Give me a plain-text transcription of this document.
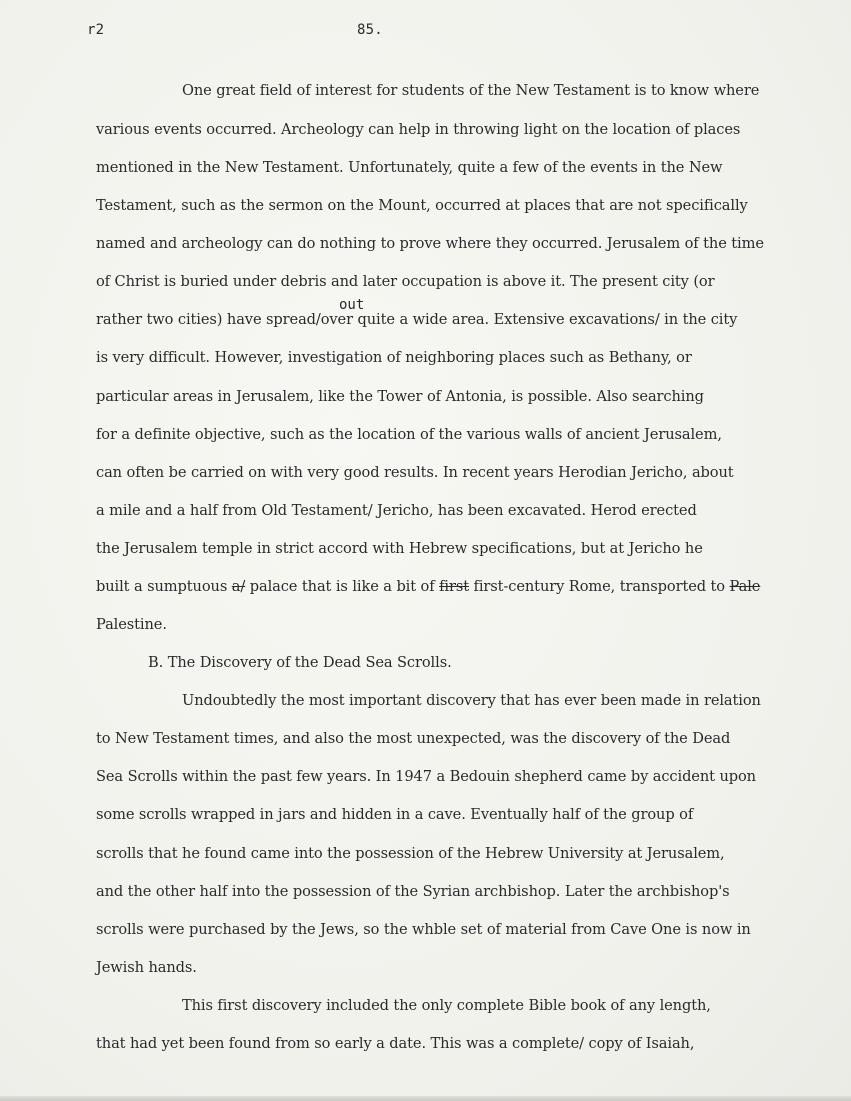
r2	85.
One great field of interest for students of the New Testament is to know where
various events occurred. Archeology can help in throwing light on the location of places
mentioned in the New Testament. Unfortunately, quite a few of the events in the New
Testament, such as the sermon on the Mount, occurred at places that are not specifically
named and archeology can do nothing to prove where they occurred. Jerusalem of the time
of Christ is buried under debris and later occupation is above it. The present city (or
out
rather two cities) have spread/over quite a wide area. Extensive excavations/ in the city
is very difficult. However, investigation of neighboring places such as Bethany, or
particular areas in Jerusalem, like the Tower of Antonia, is possible. Also searching
for a definite objective, such as the location of the various walls of ancient Jerusalem,
can often be carried on with very good results. In recent years Herodian Jericho, about
a mile and a half from Old Testament/ Jericho, has been excavated. Herod erected
the Jerusalem temple in strict accord with Hebrew specifications, but at Jericho he
built a sumptuous a/ palace that is like a bit of first first-century Rome, transported to Pale
Palestine.
B. The Discovery of the Dead Sea Scrolls.
Undoubtedly the most important discovery that has ever been made in relation
to New Testament times, and also the most unexpected, was the discovery of the Dead
Sea Scrolls within the past few years. In 1947 a Bedouin shepherd came by accident upon
some scrolls wrapped in jars and hidden in a cave. Eventually half of the group of
scrolls that he found came into the possession of the Hebrew University at Jerusalem,
and the other half into the possession of the Syrian archbishop. Later the archbishop's
scrolls were purchased by the Jews, so the whble set of material from Cave One is now in
Jewish hands.
This first discovery included the only complete Bible book of any length,
that had yet been found from so early a date. This was a complete/ copy of Isaiah,
